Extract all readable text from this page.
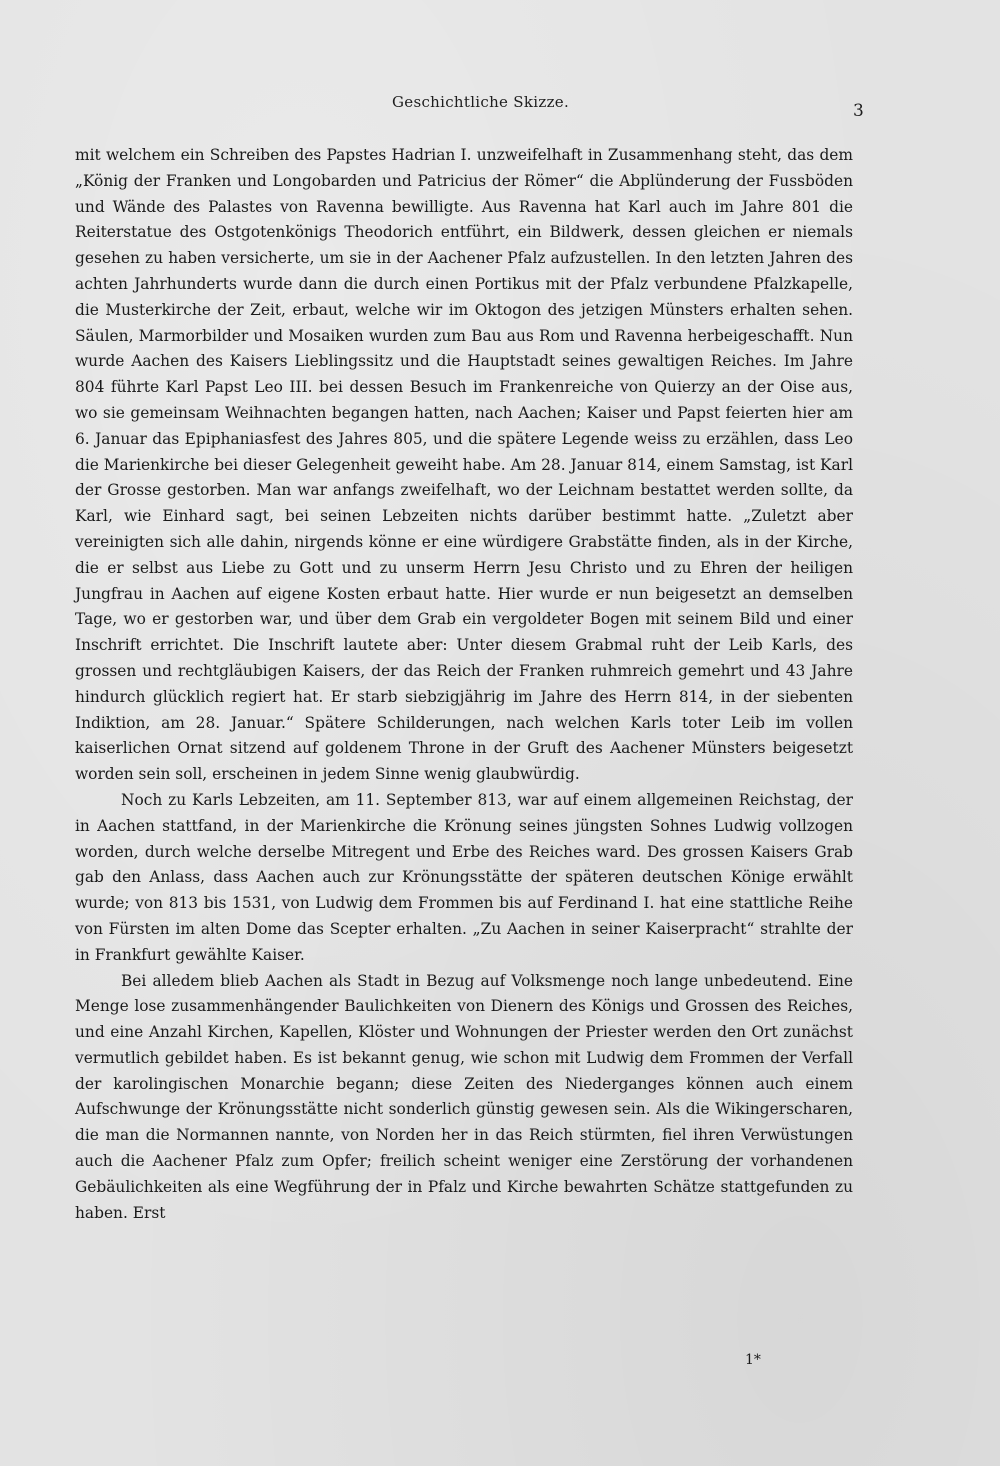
Geschichtliche Skizze.	3

mit welchem ein Schreiben des Papstes Hadrian I. unzweifelhaft in Zusammenhang steht, das dem „König der Franken und Longobarden und Patricius der Römer“ die Abplünderung der Fussböden und Wände des Palastes von Ravenna bewilligte. Aus Ravenna hat Karl auch im Jahre 801 die Reiterstatue des Ostgotenkönigs Theodorich entführt, ein Bildwerk, dessen gleichen er niemals gesehen zu haben versicherte, um sie in der Aachener Pfalz aufzustellen. In den letzten Jahren des achten Jahrhunderts wurde dann die durch einen Portikus mit der Pfalz verbundene Pfalzkapelle, die Musterkirche der Zeit, erbaut, welche wir im Oktogon des jetzigen Münsters erhalten sehen. Säulen, Marmorbilder und Mosaiken wurden zum Bau aus Rom und Ravenna herbeigeschafft. Nun wurde Aachen des Kaisers Lieblingssitz und die Hauptstadt seines gewaltigen Reiches. Im Jahre 804 führte Karl Papst Leo III. bei dessen Besuch im Frankenreiche von Quierzy an der Oise aus, wo sie gemeinsam Weihnachten begangen hatten, nach Aachen; Kaiser und Papst feierten hier am 6. Januar das Epiphaniasfest des Jahres 805, und die spätere Legende weiss zu erzählen, dass Leo die Marienkirche bei dieser Gelegenheit geweiht habe. Am 28. Januar 814, einem Samstag, ist Karl der Grosse gestorben. Man war anfangs zweifelhaft, wo der Leichnam bestattet werden sollte, da Karl, wie Einhard sagt, bei seinen Lebzeiten nichts darüber bestimmt hatte. „Zuletzt aber vereinigten sich alle dahin, nirgends könne er eine würdigere Grabstätte finden, als in der Kirche, die er selbst aus Liebe zu Gott und zu unserm Herrn Jesu Christo und zu Ehren der heiligen Jungfrau in Aachen auf eigene Kosten erbaut hatte. Hier wurde er nun beigesetzt an demselben Tage, wo er gestorben war, und über dem Grab ein vergoldeter Bogen mit seinem Bild und einer Inschrift errichtet. Die Inschrift lautete aber: Unter diesem Grabmal ruht der Leib Karls, des grossen und rechtgläubigen Kaisers, der das Reich der Franken ruhmreich gemehrt und 43 Jahre hindurch glücklich regiert hat. Er starb siebzigjährig im Jahre des Herrn 814, in der siebenten Indiktion, am 28. Januar.“ Spätere Schilderungen, nach welchen Karls toter Leib im vollen kaiserlichen Ornat sitzend auf goldenem Throne in der Gruft des Aachener Münsters beigesetzt worden sein soll, erscheinen in jedem Sinne wenig glaubwürdig.

Noch zu Karls Lebzeiten, am 11. September 813, war auf einem allgemeinen Reichstag, der in Aachen stattfand, in der Marienkirche die Krönung seines jüngsten Sohnes Ludwig vollzogen worden, durch welche derselbe Mitregent und Erbe des Reiches ward. Des grossen Kaisers Grab gab den Anlass, dass Aachen auch zur Krönungsstätte der späteren deutschen Könige erwählt wurde; von 813 bis 1531, von Ludwig dem Frommen bis auf Ferdinand I. hat eine stattliche Reihe von Fürsten im alten Dome das Scepter erhalten. „Zu Aachen in seiner Kaiserpracht“ strahlte der in Frankfurt gewählte Kaiser.

Bei alledem blieb Aachen als Stadt in Bezug auf Volksmenge noch lange unbedeutend. Eine Menge lose zusammenhängender Baulichkeiten von Dienern des Königs und Grossen des Reiches, und eine Anzahl Kirchen, Kapellen, Klöster und Wohnungen der Priester werden den Ort zunächst vermutlich gebildet haben. Es ist bekannt genug, wie schon mit Ludwig dem Frommen der Verfall der karolingischen Monarchie begann; diese Zeiten des Niederganges können auch einem Aufschwunge der Krönungsstätte nicht sonderlich günstig gewesen sein. Als die Wikingerscharen, die man die Normannen nannte, von Norden her in das Reich stürmten, fiel ihren Verwüstungen auch die Aachener Pfalz zum Opfer; freilich scheint weniger eine Zerstörung der vorhandenen Gebäulichkeiten als eine Wegführung der in Pfalz und Kirche bewahrten Schätze stattgefunden zu haben. Erst

1*
